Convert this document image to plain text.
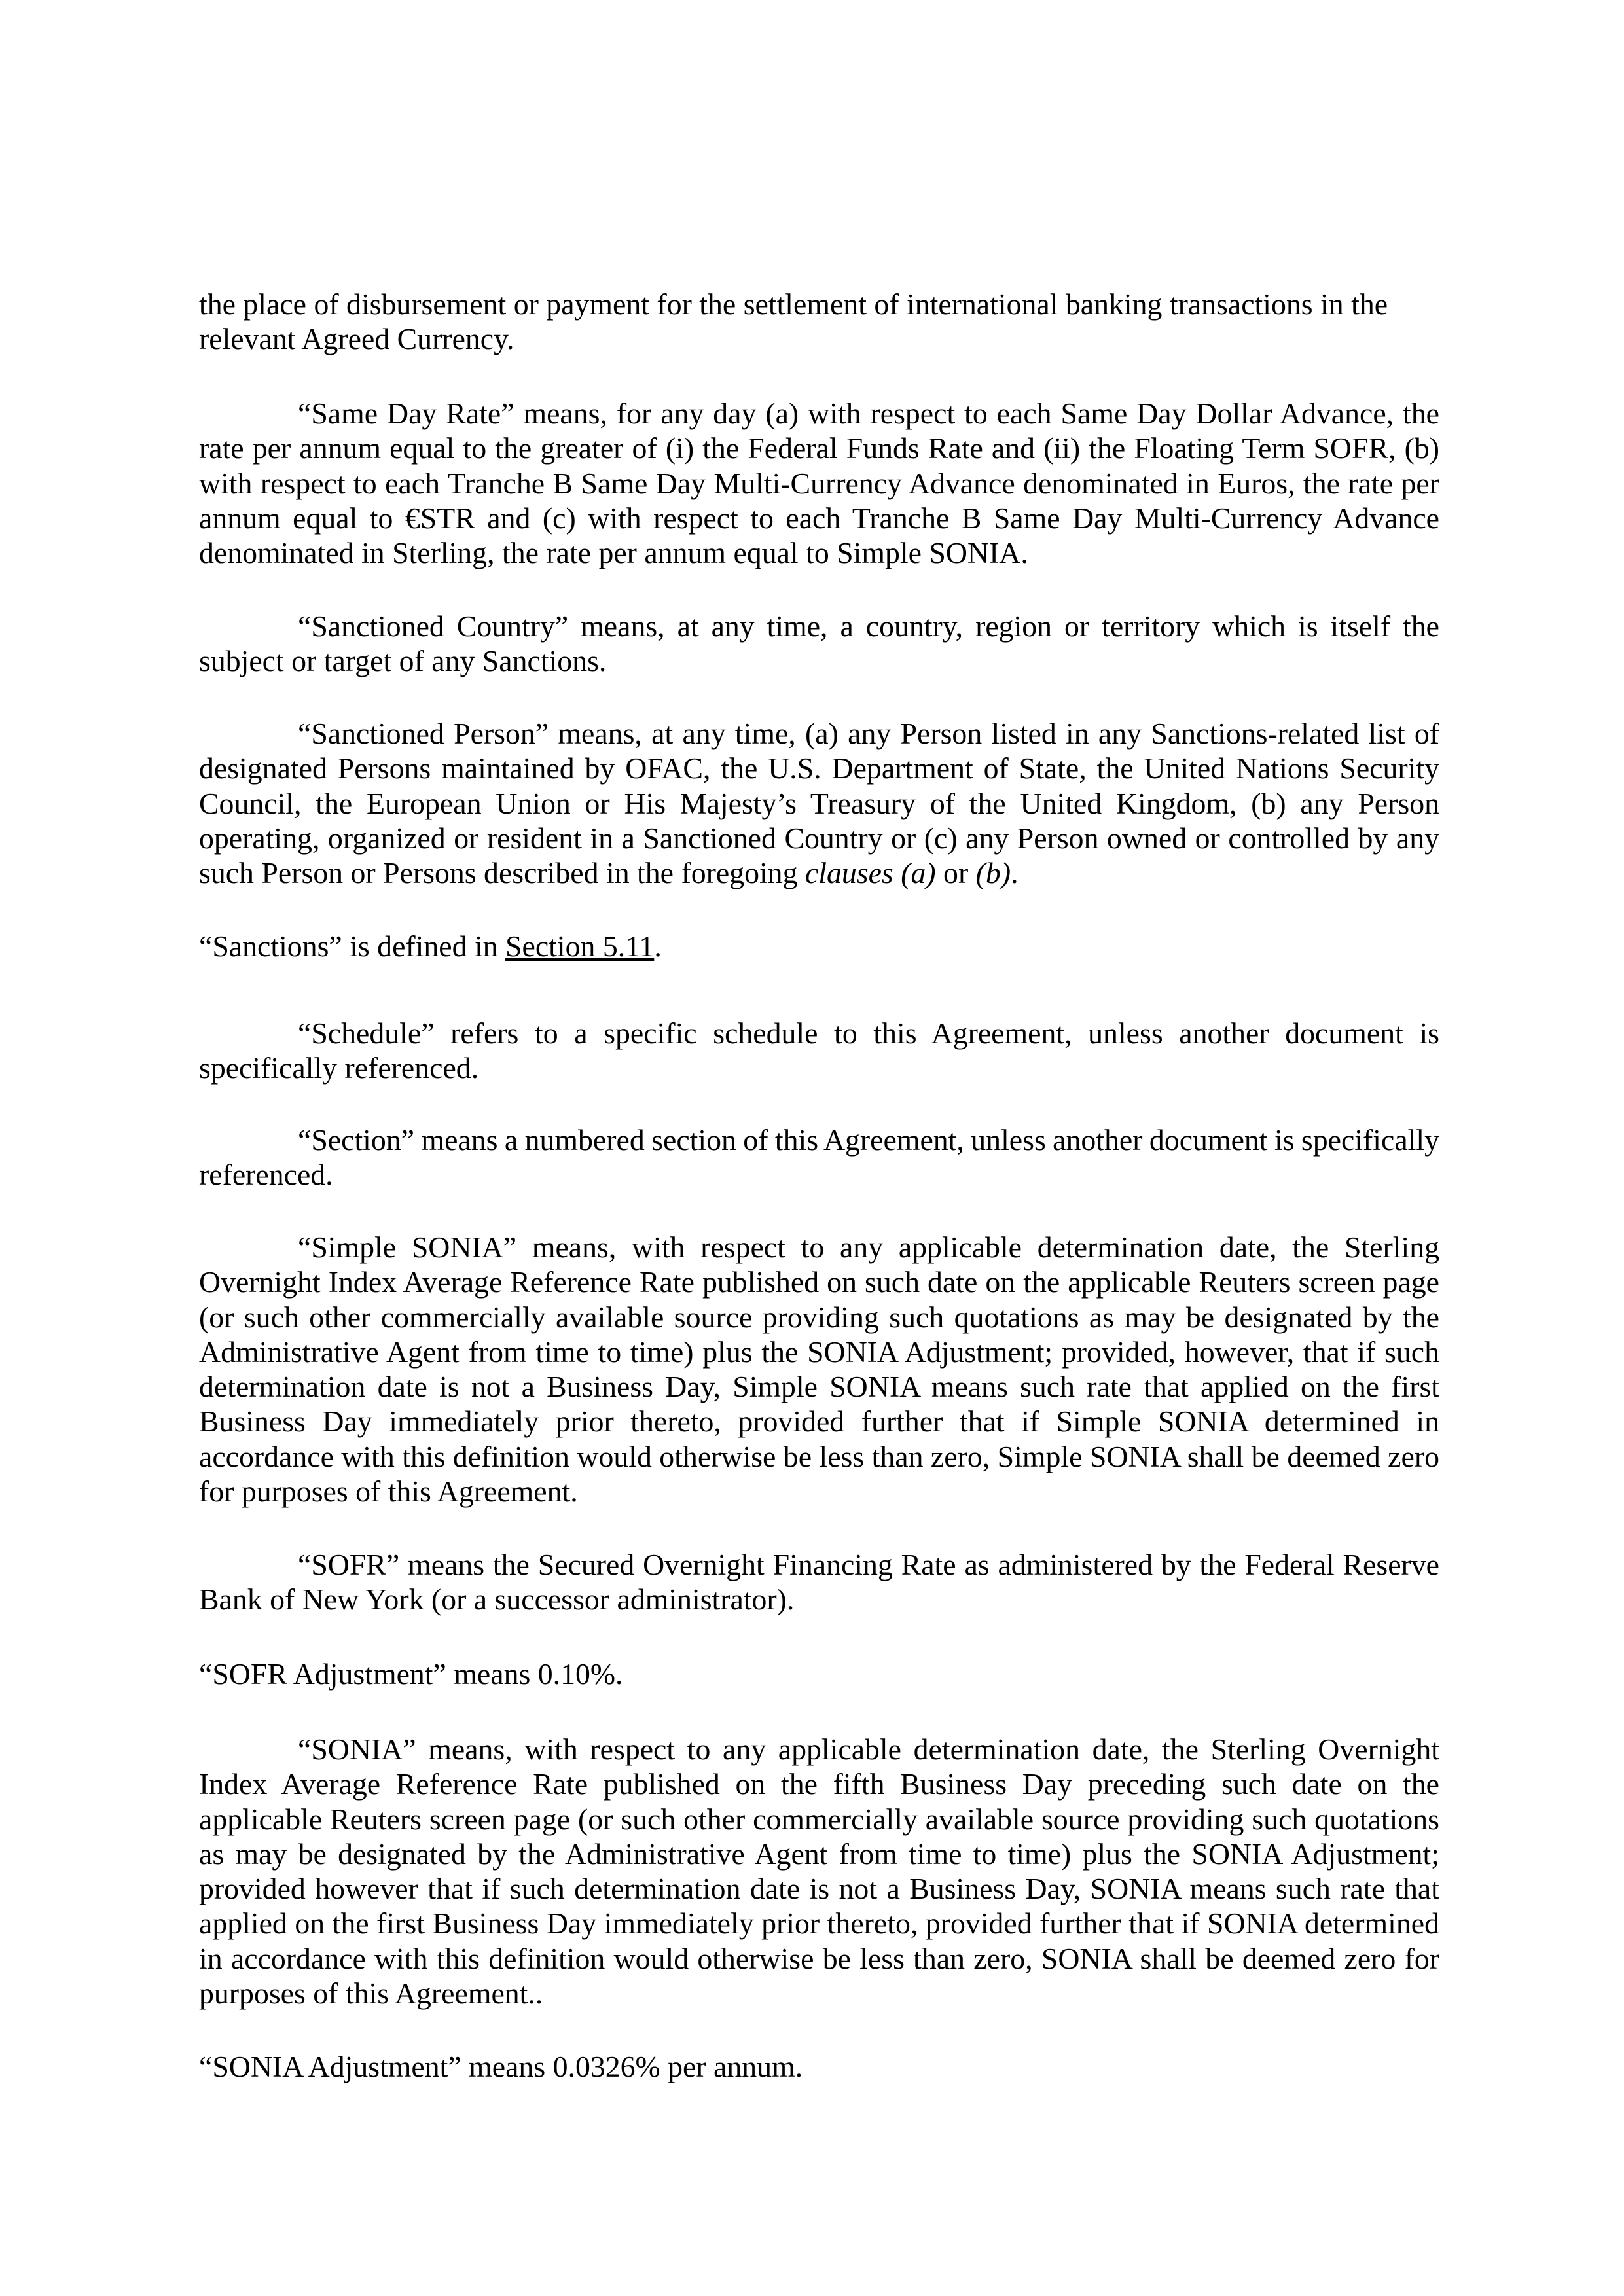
the place of disbursement or payment for the settlement of international banking transactions in the
relevant Agreed Currency.
“Same Day Rate” means, for any day (a) with respect to each Same Day Dollar Advance, the
rate per annum equal to the greater of (i) the Federal Funds Rate and (ii) the Floating Term SOFR, (b)
with respect to each Tranche B Same Day Multi-Currency Advance denominated in Euros, the rate per
annum equal to €STR and (c) with respect to each Tranche B Same Day Multi-Currency Advance
denominated in Sterling, the rate per annum equal to Simple SONIA.
“Sanctioned Country” means, at any time, a country, region or territory which is itself the
subject or target of any Sanctions.
“Sanctioned Person” means, at any time, (a) any Person listed in any Sanctions-related list of
designated Persons maintained by OFAC, the U.S. Department of State, the United Nations Security
Council, the European Union or His Majesty’s Treasury of the United Kingdom, (b) any Person
operating, organized or resident in a Sanctioned Country or (c) any Person owned or controlled by any
such Person or Persons described in the foregoing clauses (a) or (b).
“Sanctions” is defined in Section 5.11.
“Schedule” refers to a specific schedule to this Agreement, unless another document is
specifically referenced.
“Section” means a numbered section of this Agreement, unless another document is specifically
referenced.
“Simple SONIA” means, with respect to any applicable determination date, the Sterling
Overnight Index Average Reference Rate published on such date on the applicable Reuters screen page
(or such other commercially available source providing such quotations as may be designated by the
Administrative Agent from time to time) plus the SONIA Adjustment; provided, however, that if such
determination date is not a Business Day, Simple SONIA means such rate that applied on the first
Business Day immediately prior thereto, provided further that if Simple SONIA determined in
accordance with this definition would otherwise be less than zero, Simple SONIA shall be deemed zero
for purposes of this Agreement.
“SOFR” means the Secured Overnight Financing Rate as administered by the Federal Reserve
Bank of New York (or a successor administrator).
“SOFR Adjustment” means 0.10%.
“SONIA” means, with respect to any applicable determination date, the Sterling Overnight
Index Average Reference Rate published on the fifth Business Day preceding such date on the
applicable Reuters screen page (or such other commercially available source providing such quotations
as may be designated by the Administrative Agent from time to time) plus the SONIA Adjustment;
provided however that if such determination date is not a Business Day, SONIA means such rate that
applied on the first Business Day immediately prior thereto, provided further that if SONIA determined
in accordance with this definition would otherwise be less than zero, SONIA shall be deemed zero for
purposes of this Agreement..
“SONIA Adjustment” means 0.0326% per annum.
